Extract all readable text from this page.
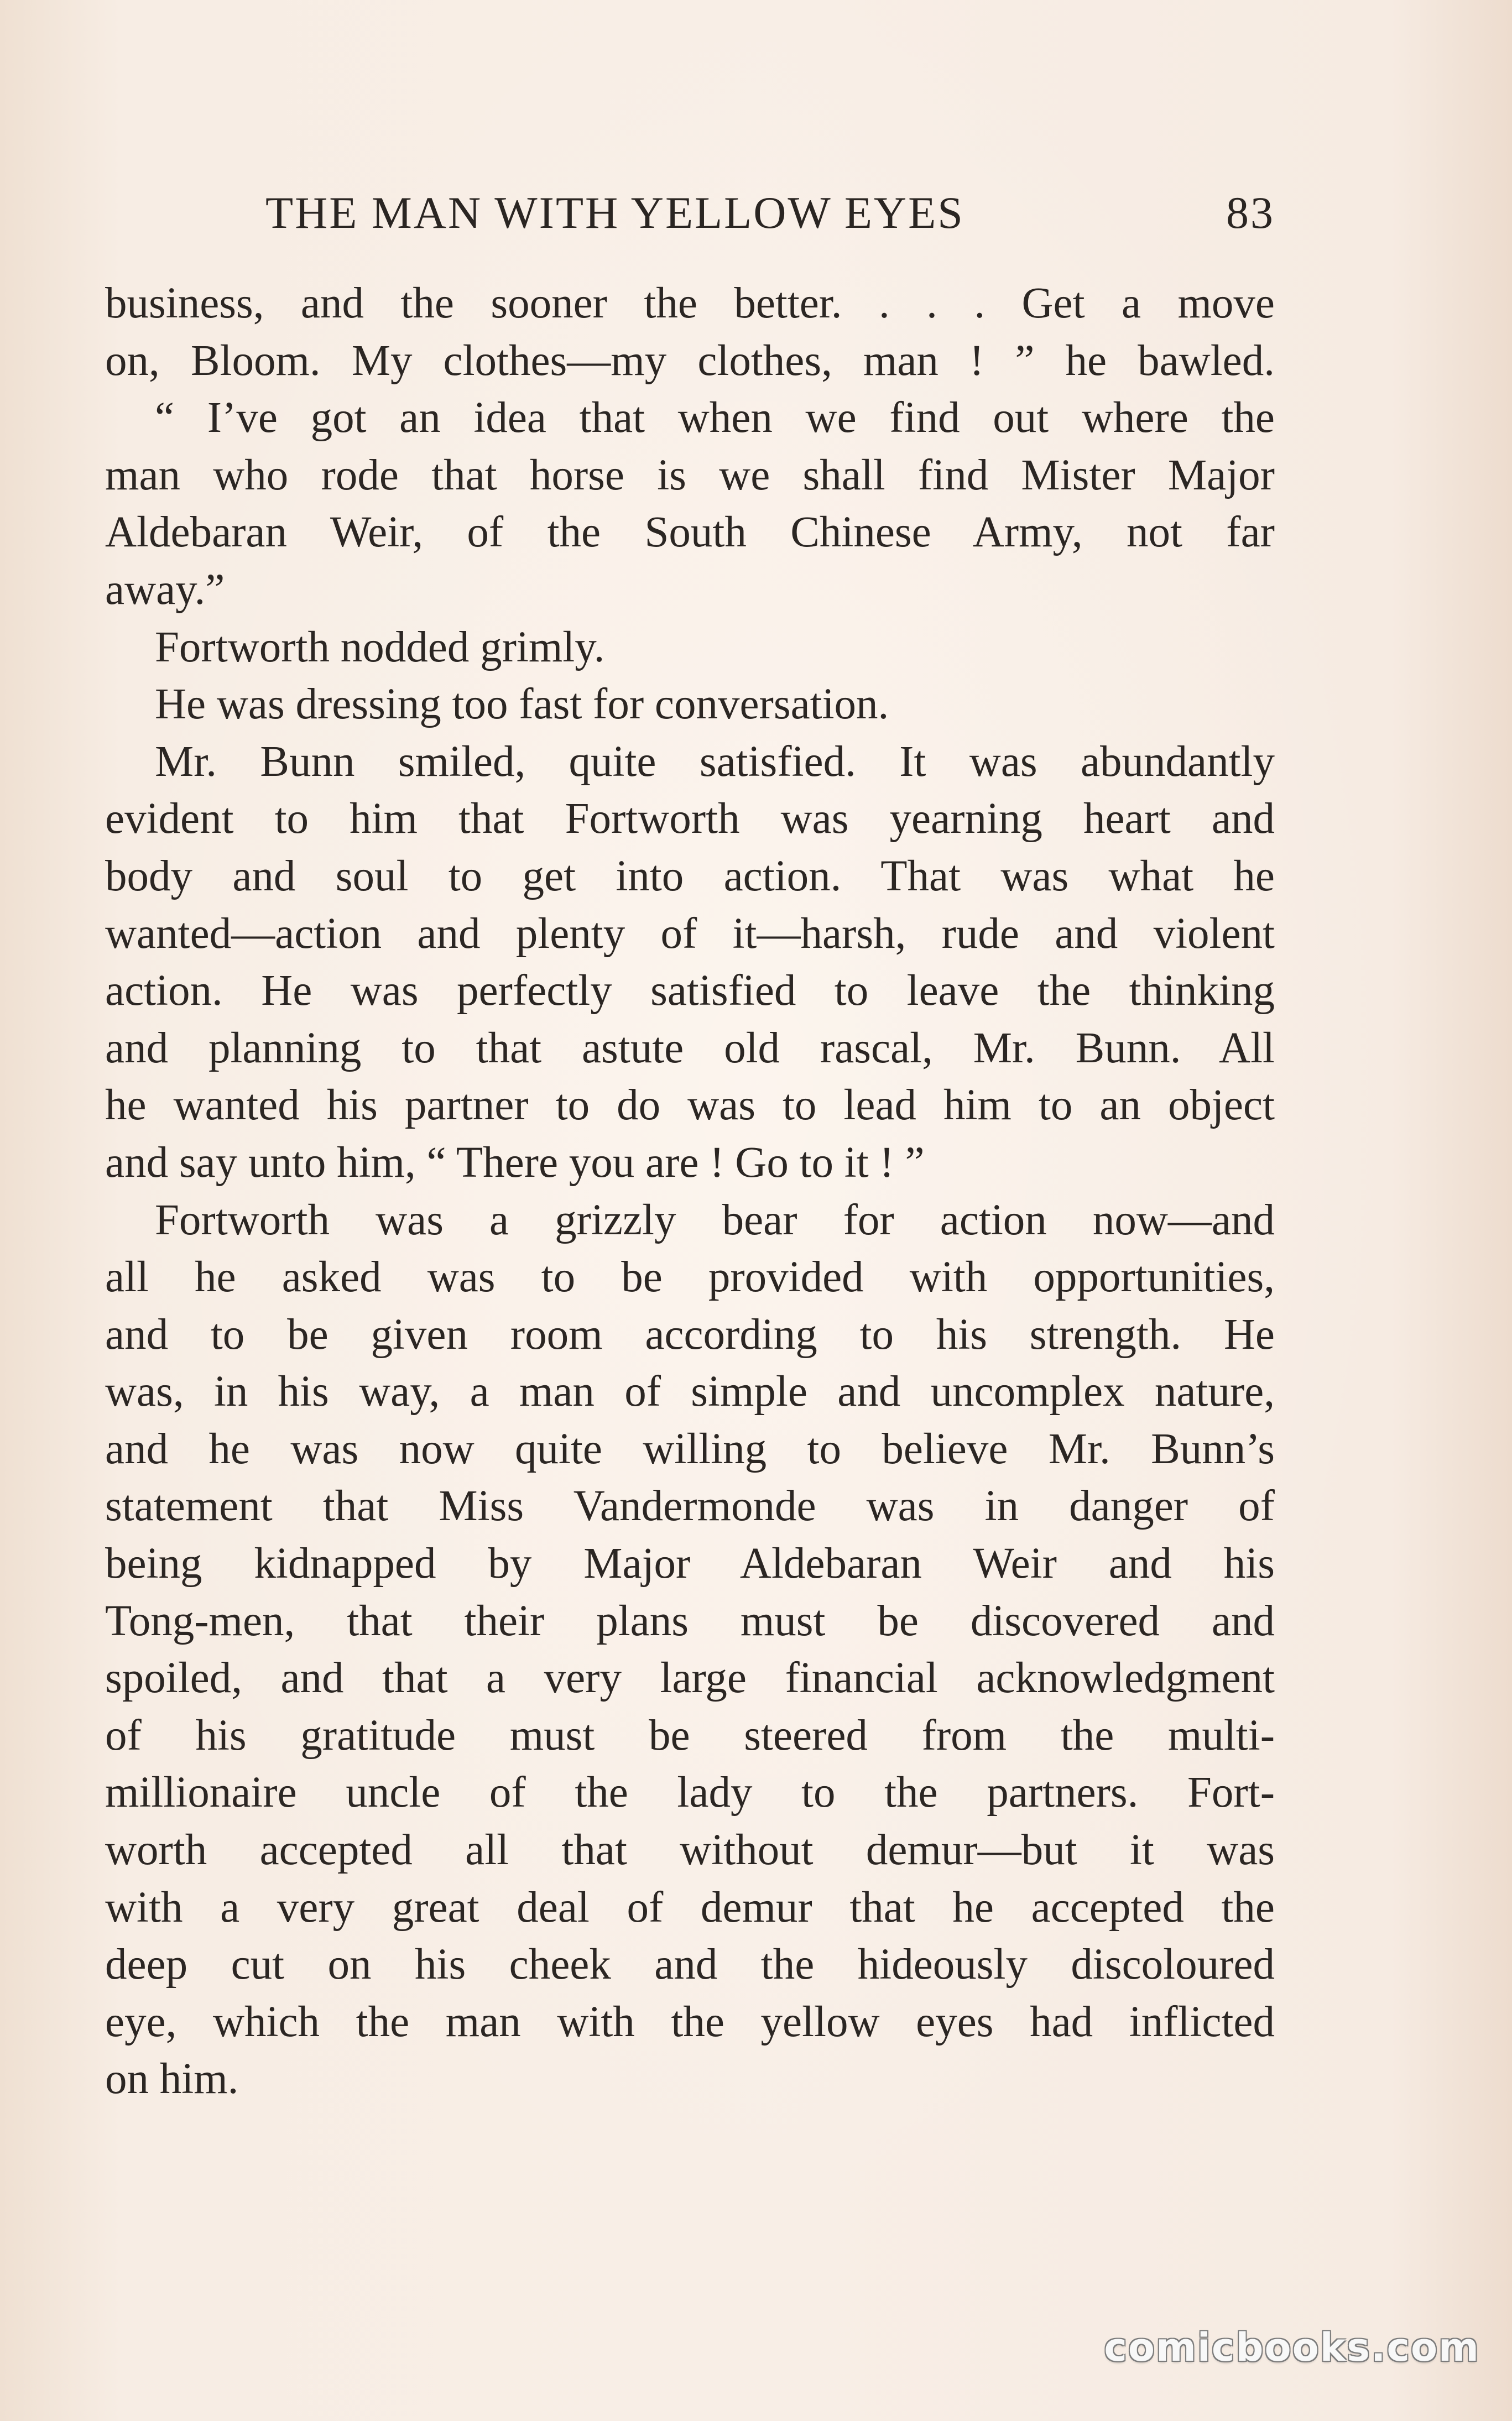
THE MAN WITH YELLOW EYES	83
business, and the sooner the better. . . . Get a move
on, Bloom. My clothes—my clothes, man ! ” he bawled.
“ I’ve got an idea that when we find out where the
man who rode that horse is we shall find Mister Major
Aldebaran Weir, of the South Chinese Army, not far
away.”
Fortworth nodded grimly.
He was dressing too fast for conversation.
Mr. Bunn smiled, quite satisfied. It was abundantly
evident to him that Fortworth was yearning heart and
body and soul to get into action. That was what he
wanted—action and plenty of it—harsh, rude and violent
action. He was perfectly satisfied to leave the thinking
and planning to that astute old rascal, Mr. Bunn. All
he wanted his partner to do was to lead him to an object
and say unto him, “ There you are ! Go to it ! ”
Fortworth was a grizzly bear for action now—and
all he asked was to be provided with opportunities,
and to be given room according to his strength. He
was, in his way, a man of simple and uncomplex nature,
and he was now quite willing to believe Mr. Bunn’s
statement that Miss Vandermonde was in danger of
being kidnapped by Major Aldebaran Weir and his
Tong-men, that their plans must be discovered and
spoiled, and that a very large financial acknowledgment
of his gratitude must be steered from the multi-
millionaire uncle of the lady to the partners. Fort-
worth accepted all that without demur—but it was
with a very great deal of demur that he accepted the
deep cut on his cheek and the hideously discoloured
eye, which the man with the yellow eyes had inflicted
on him.
comicbooks.com
